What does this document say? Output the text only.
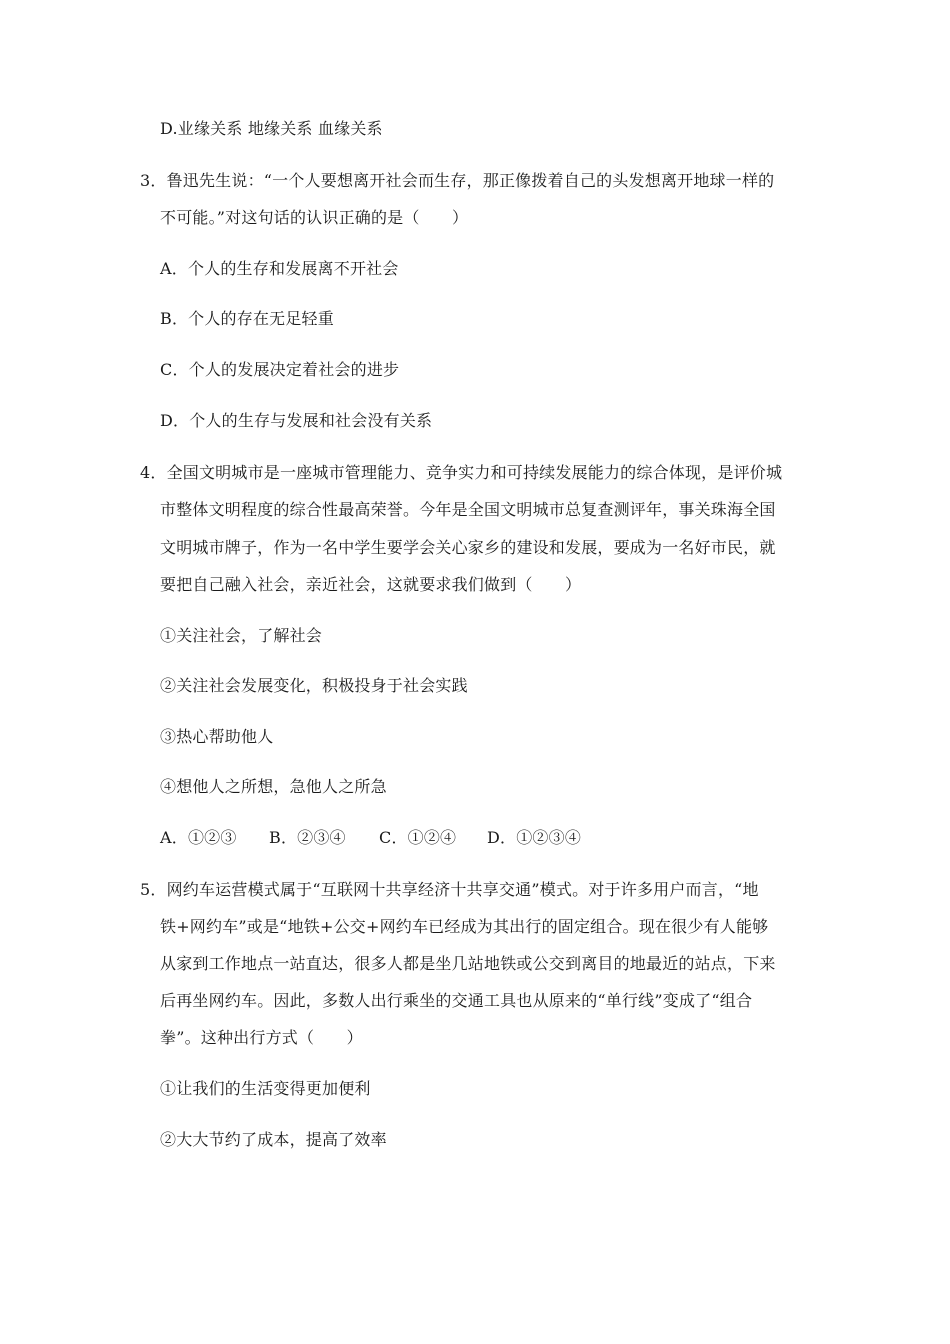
D.业缘关系 地缘关系 血缘关系
3．鲁迅先生说：“一个人要想离开社会而生存，那正像拨着自己的头发想离开地球一样的
不可能。”对这句话的认识正确的是（　　）
A．个人的生存和发展离不开社会
B．个人的存在无足轻重
C．个人的发展决定着社会的进步
D．个人的生存与发展和社会没有关系
4．全国文明城市是一座城市管理能力、竞争实力和可持续发展能力的综合体现，是评价城
市整体文明程度的综合性最高荣誉。今年是全国文明城市总复查测评年，事关珠海全国
文明城市牌子，作为一名中学生要学会关心家乡的建设和发展，要成为一名好市民，就
要把自己融入社会，亲近社会，这就要求我们做到（　　）
①关注社会，了解社会
②关注社会发展变化，积极投身于社会实践
③热心帮助他人
④想他人之所想，急他人之所急
A．①②③ B．②③④ C．①②④ D．①②③④
5．网约车运营模式属于“互联网十共享经济十共享交通”模式。对于许多用户而言，“地
铁+网约车”或是“地铁+公交+网约车已经成为其出行的固定组合。现在很少有人能够
从家到工作地点一站直达，很多人都是坐几站地铁或公交到离目的地最近的站点，下来
后再坐网约车。因此，多数人出行乘坐的交通工具也从原来的“单行线”变成了“组合
拳”。这种出行方式（　　）
①让我们的生活变得更加便利
②大大节约了成本，提高了效率
